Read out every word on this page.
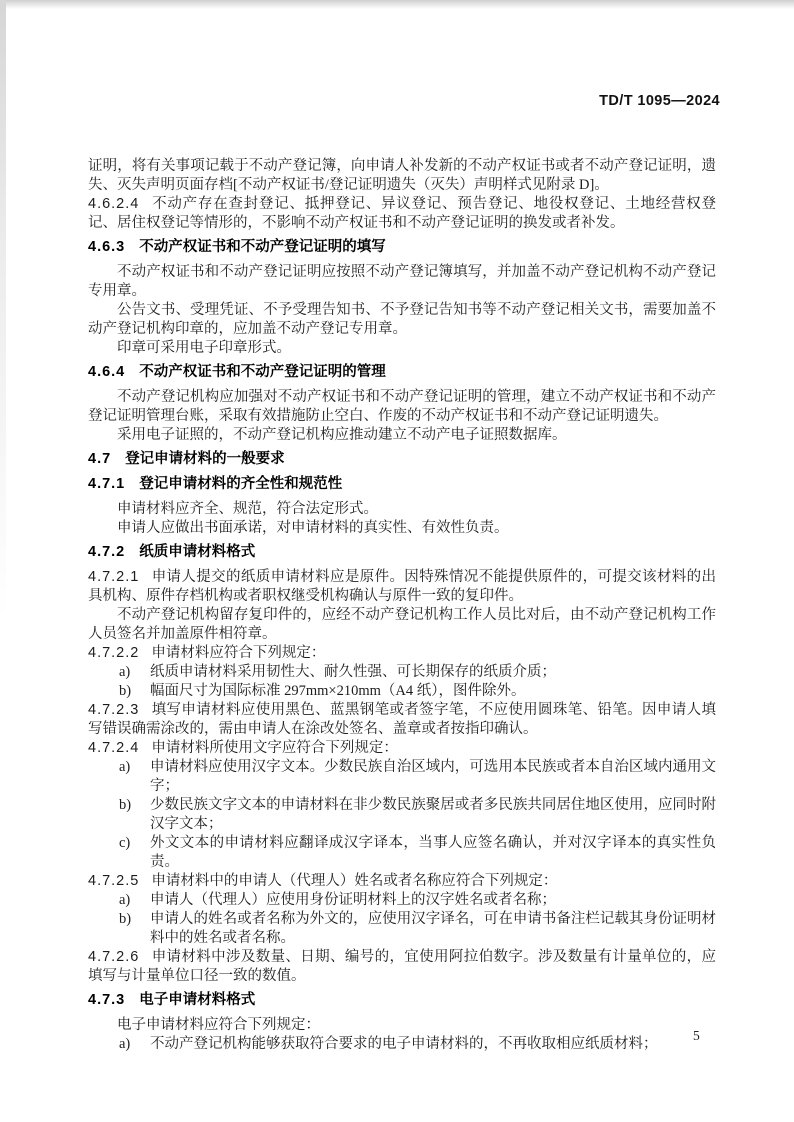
TD/T 1095—2024

证明，将有关事项记载于不动产登记簿，向申请人补发新的不动产权证书或者不动产登记证明，遗失、灭失声明页面存档[不动产权证书/登记证明遗失（灭失）声明样式见附录 D]。

4.6.2.4 不动产存在查封登记、抵押登记、异议登记、预告登记、地役权登记、土地经营权登记、居住权登记等情形的，不影响不动产权证书和不动产登记证明的换发或者补发。

4.6.3 不动产权证书和不动产登记证明的填写

不动产权证书和不动产登记证明应按照不动产登记簿填写，并加盖不动产登记机构不动产登记专用章。

公告文书、受理凭证、不予受理告知书、不予登记告知书等不动产登记相关文书，需要加盖不动产登记机构印章的，应加盖不动产登记专用章。

印章可采用电子印章形式。

4.6.4 不动产权证书和不动产登记证明的管理

不动产登记机构应加强对不动产权证书和不动产登记证明的管理，建立不动产权证书和不动产登记证明管理台账，采取有效措施防止空白、作废的不动产权证书和不动产登记证明遗失。

采用电子证照的，不动产登记机构应推动建立不动产电子证照数据库。

4.7 登记申请材料的一般要求

4.7.1 登记申请材料的齐全性和规范性

申请材料应齐全、规范，符合法定形式。

申请人应做出书面承诺，对申请材料的真实性、有效性负责。

4.7.2 纸质申请材料格式

4.7.2.1 申请人提交的纸质申请材料应是原件。因特殊情况不能提供原件的，可提交该材料的出具机构、原件存档机构或者职权继受机构确认与原件一致的复印件。

不动产登记机构留存复印件的，应经不动产登记机构工作人员比对后，由不动产登记机构工作人员签名并加盖原件相符章。

4.7.2.2 申请材料应符合下列规定：

a) 纸质申请材料采用韧性大、耐久性强、可长期保存的纸质介质；

b) 幅面尺寸为国际标准 297mm×210mm（A4 纸），图件除外。

4.7.2.3 填写申请材料应使用黑色、蓝黑钢笔或者签字笔，不应使用圆珠笔、铅笔。因申请人填写错误确需涂改的，需由申请人在涂改处签名、盖章或者按指印确认。

4.7.2.4 申请材料所使用文字应符合下列规定：

a) 申请材料应使用汉字文本。少数民族自治区域内，可选用本民族或者本自治区域内通用文字；

b) 少数民族文字文本的申请材料在非少数民族聚居或者多民族共同居住地区使用，应同时附汉字文本；

c) 外文文本的申请材料应翻译成汉字译本，当事人应签名确认，并对汉字译本的真实性负责。

4.7.2.5 申请材料中的申请人（代理人）姓名或者名称应符合下列规定：

a) 申请人（代理人）应使用身份证明材料上的汉字姓名或者名称；

b) 申请人的姓名或者名称为外文的，应使用汉字译名，可在申请书备注栏记载其身份证明材料中的姓名或者名称。

4.7.2.6 申请材料中涉及数量、日期、编号的，宜使用阿拉伯数字。涉及数量有计量单位的，应填写与计量单位口径一致的数值。

4.7.3 电子申请材料格式

电子申请材料应符合下列规定：

a) 不动产登记机构能够获取符合要求的电子申请材料的，不再收取相应纸质材料；

5
